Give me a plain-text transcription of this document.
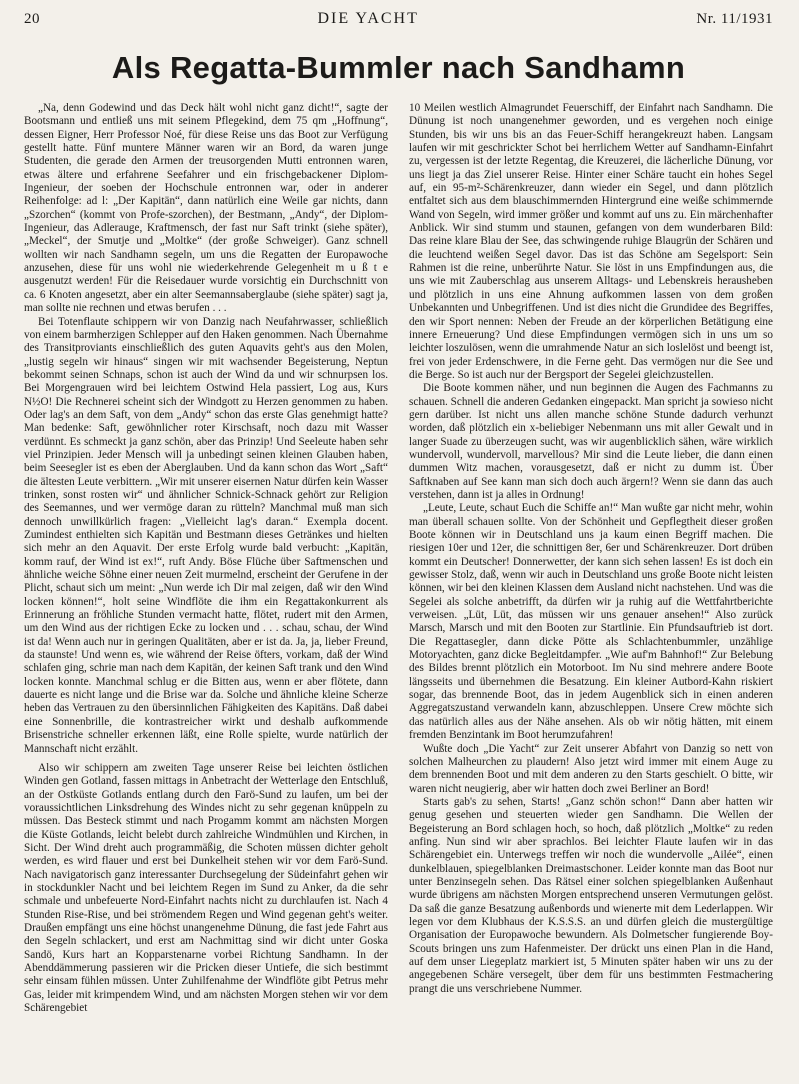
20	DIE YACHT	Nr. 11/1931
Als Regatta-Bummler nach Sandhamn

„Na, denn Godewind und das Deck hält wohl nicht ganz dicht!“, sagte der Bootsmann und entließ uns mit seinem Pflegekind, dem 75 qm „Hoffnung“, dessen Eigner, Herr Professor Noé, für diese Reise uns das Boot zur Verfügung gestellt hatte. Fünf muntere Männer waren wir an Bord, da waren junge Studenten, die gerade den Armen der treusorgenden Mutti entronnen waren, etwas ältere und erfahrene Seefahrer und ein frischgebackener Diplom-Ingenieur, der soeben der Hochschule entronnen war, oder in anderer Reihenfolge: ad l: „Der Kapitän“, dann natürlich eine Weile gar nichts, dann „Szorchen“ (kommt von Profe-szorchen), der Bestmann, „Andy“, der Diplom-Ingenieur, das Adlerauge, Kraftmensch, der fast nur Saft trinkt (siehe später), „Meckel“, der Smutje und „Moltke“ (der große Schweiger). Ganz schnell wollten wir nach Sandhamn segeln, um uns die Regatten der Europawoche anzusehen, diese für uns wohl nie wiederkehrende Gelegenheit m u ß t e ausgenutzt werden! Für die Reisedauer wurde vorsichtig ein Durchschnitt von ca. 6 Knoten angesetzt, aber ein alter Seemannsaberglaube (siehe später) sagt ja, man sollte nie rechnen und etwas berufen . . .

Bei Totenflaute schippern wir von Danzig nach Neufahrwasser, schließlich von einem barmherzigen Schlepper auf den Haken genommen. Nach Übernahme des Transitproviants einschließlich des guten Aquavits geht's aus den Molen, „lustig segeln wir hinaus“ singen wir mit wachsender Begeisterung, Neptun bekommt seinen Schnaps, schon ist auch der Wind da und wir schnurpsen los. Bei Morgengrauen wird bei leichtem Ostwind Hela passiert, Log aus, Kurs N½O! Die Rechnerei scheint sich der Windgott zu Herzen genommen zu haben. Oder lag's an dem Saft, von dem „Andy“ schon das erste Glas genehmigt hatte? Man bedenke: Saft, gewöhnlicher roter Kirschsaft, noch dazu mit Wasser verdünnt. Es schmeckt ja ganz schön, aber das Prinzip! Und Seeleute haben sehr viel Prinzipien. Jeder Mensch will ja unbedingt seinen kleinen Glauben haben, beim Seesegler ist es eben der Aberglauben. Und da kann schon das Wort „Saft“ die ältesten Leute verbittern. „Wir mit unserer eisernen Natur dürfen kein Wasser trinken, sonst rosten wir“ und ähnlicher Schnick-Schnack gehört zur Religion des Seemannes, und wer vermöge daran zu rütteln? Manchmal muß man sich dennoch unwillkürlich fragen: „Vielleicht lag's daran.“ Exempla docent. Zumindest enthielten sich Kapitän und Bestmann dieses Getränkes und hielten sich mehr an den Aquavit. Der erste Erfolg wurde bald verbucht: „Kapitän, komm rauf, der Wind ist ex!“, ruft Andy. Böse Flüche über Saftmenschen und ähnliche weiche Söhne einer neuen Zeit murmelnd, erscheint der Gerufene in der Plicht, schaut sich um meint: „Nun werde ich Dir mal zeigen, daß wir den Wind locken können!“, holt seine Windflöte die ihm ein Regattakonkurrent als Erinnerung an fröhliche Stunden vermacht hatte, flötet, rudert mit den Armen, um den Wind aus der richtigen Ecke zu locken und . . . schau, schau, der Wind ist da! Wenn auch nur in geringen Qualitäten, aber er ist da. Ja, ja, lieber Freund, da staunste! Und wenn es, wie während der Reise öfters, vorkam, daß der Wind schlafen ging, schrie man nach dem Kapitän, der keinen Saft trank und den Wind locken konnte. Manchmal schlug er die Bitten aus, wenn er aber flötete, dann dauerte es nicht lange und die Brise war da. Solche und ähnliche kleine Scherze heben das Vertrauen zu den übersinnlichen Fähigkeiten des Kapitäns. Daß dabei eine Sonnenbrille, die kontrastreicher wirkt und deshalb aufkommende Brisenstriche schneller erkennen läßt, eine Rolle spielte, wurde natürlich der Mannschaft nicht erzählt.

Also wir schippern am zweiten Tage unserer Reise bei leichten östlichen Winden gen Gotland, fassen mittags in Anbetracht der Wetterlage den Entschluß, an der Ostküste Gotlands entlang durch den Farö-Sund zu laufen, um bei der voraussichtlichen Linksdrehung des Windes nicht zu sehr gegenan knüppeln zu müssen. Das Besteck stimmt und nach Progamm kommt am nächsten Morgen die Küste Gotlands, leicht belebt durch zahlreiche Windmühlen und Kirchen, in Sicht. Der Wind dreht auch programmäßig, die Schoten müssen dichter geholt werden, es wird flauer und erst bei Dunkelheit stehen wir vor dem Farö-Sund. Nach navigatorisch ganz interessanter Durchsegelung der Südeinfahrt gehen wir in stockdunkler Nacht und bei leichtem Regen im Sund zu Anker, da die sehr schmale und unbefeuerte Nord-Einfahrt nachts nicht zu durchlaufen ist. Nach 4 Stunden Rise-Rise, und bei strömendem Regen und Wind gegenan geht's weiter. Draußen empfängt uns eine höchst unangenehme Dünung, die fast jede Fahrt aus den Segeln schlackert, und erst am Nachmittag sind wir dicht unter Goska Sandö, Kurs hart an Kopparstenarne vorbei Richtung Sandhamn. In der Abenddämmerung passieren wir die Pricken dieser Untiefe, die sich bestimmt sehr einsam fühlen müssen. Unter Zuhilfenahme der Windflöte gibt Petrus mehr Gas, leider mit krimpendem Wind, und am nächsten Morgen stehen wir vor dem Schärengebiet

10 Meilen westlich Almagrundet Feuerschiff, der Einfahrt nach Sandhamn. Die Dünung ist noch unangenehmer geworden, und es vergehen noch einige Stunden, bis wir uns bis an das Feuer-Schiff herangekreuzt haben. Langsam laufen wir mit geschrickter Schot bei herrlichem Wetter auf Sandhamn-Einfahrt zu, vergessen ist der letzte Regentag, die Kreuzerei, die lächerliche Dünung, vor uns liegt ja das Ziel unserer Reise. Hinter einer Schäre taucht ein hohes Segel auf, ein 95-m²-Schärenkreuzer, dann wieder ein Segel, und dann plötzlich entfaltet sich aus dem blauschimmernden Hintergrund eine weiße schimmernde Wand von Segeln, wird immer größer und kommt auf uns zu. Ein märchenhafter Anblick. Wir sind stumm und staunen, gefangen von dem wunderbaren Bild: Das reine klare Blau der See, das schwingende ruhige Blaugrün der Schären und die leuchtend weißen Segel davor. Das ist das Schöne am Segelsport: Sein Rahmen ist die reine, unberührte Natur. Sie löst in uns Empfindungen aus, die uns wie mit Zauberschlag aus unserem Alltags- und Lebenskreis herausheben und plötzlich in uns eine Ahnung aufkommen lassen von dem großen Unbekannten und Unbegriffenen. Und ist dies nicht die Grundidee des Begriffes, den wir Sport nennen: Neben der Freude an der körperlichen Betätigung eine innere Erneuerung? Und diese Empfindungen vermögen sich in uns um so leichter loszulösen, wenn die umrahmende Natur an sich loslelöst und beengt ist, frei von jeder Erdenschwere, in die Ferne geht. Das vermögen nur die See und die Berge. So ist auch nur der Bergsport der Segelei gleichzustellen.

Die Boote kommen näher, und nun beginnen die Augen des Fachmanns zu schauen. Schnell die anderen Gedanken eingepackt. Man spricht ja sowieso nicht gern darüber. Ist nicht uns allen manche schöne Stunde dadurch verhunzt worden, daß plötzlich ein x-beliebiger Nebenmann uns mit aller Gewalt und in langer Suade zu überzeugen sucht, was wir augenblicklich sähen, wäre wirklich wundervoll, wundervoll, marvellous? Mir sind die Leute lieber, die dann einen dummen Witz machen, vorausgesetzt, daß er nicht zu dumm ist. Über Saftknaben auf See kann man sich doch auch ärgern!? Wenn sie dann das auch verstehen, dann ist ja alles in Ordnung!

„Leute, Leute, schaut Euch die Schiffe an!“ Man wußte gar nicht mehr, wohin man überall schauen sollte. Von der Schönheit und Gepflegtheit dieser großen Boote können wir in Deutschland uns ja kaum einen Begriff machen. Die riesigen 10er und 12er, die schnittigen 8er, 6er und Schärenkreuzer. Dort drüben kommt ein Deutscher! Donnerwetter, der kann sich sehen lassen! Es ist doch ein gewisser Stolz, daß, wenn wir auch in Deutschland uns große Boote nicht leisten können, wir bei den kleinen Klassen dem Ausland nicht nachstehen. Und was die Segelei als solche anbetrifft, da dürfen wir ja ruhig auf die Wettfahrtberichte verweisen. „Lüt, Lüt, das müssen wir uns genauer ansehen!“ Also zurück Marsch, Marsch und mit den Booten zur Startlinie. Ein Pfundsauftrieb ist dort. Die Regattasegler, dann dicke Pötte als Schlachtenbummler, unzählige Motoryachten, ganz dicke Begleitdampfer. „Wie auf'm Bahnhof!“ Zur Belebung des Bildes brennt plötzlich ein Motorboot. Im Nu sind mehrere andere Boote längsseits und übernehmen die Besatzung. Ein kleiner Autbord-Kahn riskiert sogar, das brennende Boot, das in jedem Augenblick sich in einen anderen Aggregatszustand verwandeln kann, abzuschleppen. Unsere Crew möchte sich das natürlich alles aus der Nähe ansehen. Als ob wir nötig hätten, mit einem fremden Benzintank im Boot herumzufahren!

Wußte doch „Die Yacht“ zur Zeit unserer Abfahrt von Danzig so nett von solchen Malheurchen zu plaudern! Also jetzt wird immer mit einem Auge zu dem brennenden Boot und mit dem anderen zu den Starts geschielt. O bitte, wir waren nicht neugierig, aber wir hatten doch zwei Berliner an Bord!

Starts gab's zu sehen, Starts! „Ganz schön schon!“ Dann aber hatten wir genug gesehen und steuerten wieder gen Sandhamn. Die Wellen der Begeisterung an Bord schlagen hoch, so hoch, daß plötzlich „Moltke“ zu reden anfing. Nun sind wir aber sprachlos. Bei leichter Flaute laufen wir in das Schärengebiet ein. Unterwegs treffen wir noch die wundervolle „Ailée“, einen dunkelblauen, spiegelblanken Dreimastschoner. Leider konnte man das Boot nur unter Benzinsegeln sehen. Das Rätsel einer solchen spiegelblanken Außenhaut wurde übrigens am nächsten Morgen entsprechend unseren Vermutungen gelöst. Da saß die ganze Besatzung außenbords und wienerte mit dem Lederlappen. Wir legen vor dem Klubhaus der K.S.S.S. an und dürfen gleich die mustergültige Organisation der Europawoche bewundern. Als Dolmetscher fungierende Boy-Scouts bringen uns zum Hafenmeister. Der drückt uns einen Plan in die Hand, auf dem unser Liegeplatz markiert ist, 5 Minuten später haben wir uns zu der angegebenen Schäre versegelt, über dem für uns bestimmten Festmachering prangt die uns verschriebene Nummer.
